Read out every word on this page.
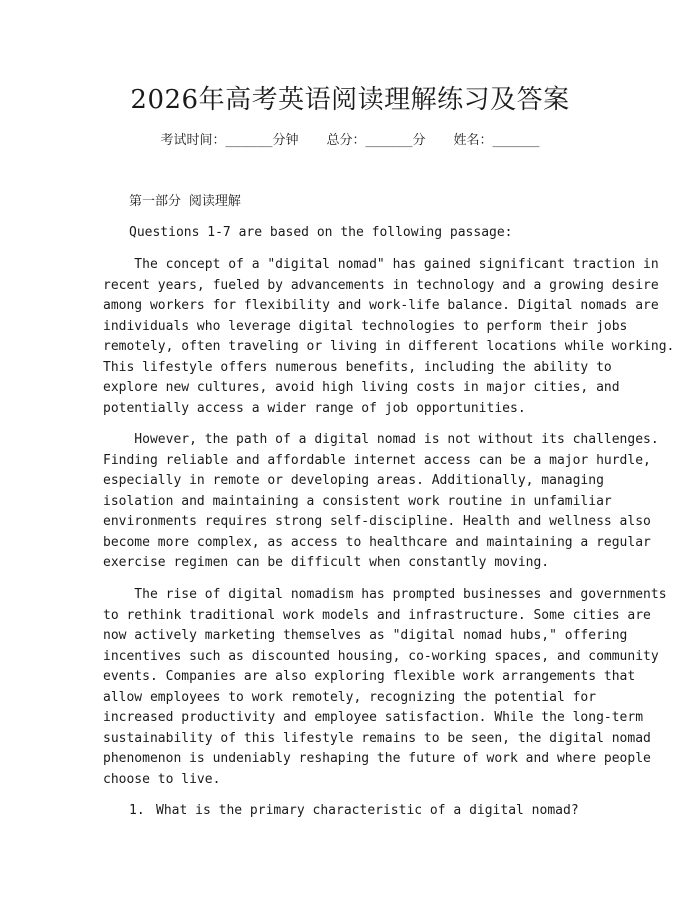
2026年高考英语阅读理解练习及答案
考试时间：______分钟 总分：______分 姓名：______
第一部分 阅读理解
Questions 1-7 are based on the following passage:
The concept of a "digital nomad" has gained significant traction in
recent years, fueled by advancements in technology and a growing desire
among workers for flexibility and work-life balance. Digital nomads are
individuals who leverage digital technologies to perform their jobs
remotely, often traveling or living in different locations while working.
This lifestyle offers numerous benefits, including the ability to
explore new cultures, avoid high living costs in major cities, and
potentially access a wider range of job opportunities.
However, the path of a digital nomad is not without its challenges.
Finding reliable and affordable internet access can be a major hurdle,
especially in remote or developing areas. Additionally, managing
isolation and maintaining a consistent work routine in unfamiliar
environments requires strong self-discipline. Health and wellness also
become more complex, as access to healthcare and maintaining a regular
exercise regimen can be difficult when constantly moving.
The rise of digital nomadism has prompted businesses and governments
to rethink traditional work models and infrastructure. Some cities are
now actively marketing themselves as "digital nomad hubs," offering
incentives such as discounted housing, co-working spaces, and community
events. Companies are also exploring flexible work arrangements that
allow employees to work remotely, recognizing the potential for
increased productivity and employee satisfaction. While the long-term
sustainability of this lifestyle remains to be seen, the digital nomad
phenomenon is undeniably reshaping the future of work and where people
choose to live.
1. What is the primary characteristic of a digital nomad?
